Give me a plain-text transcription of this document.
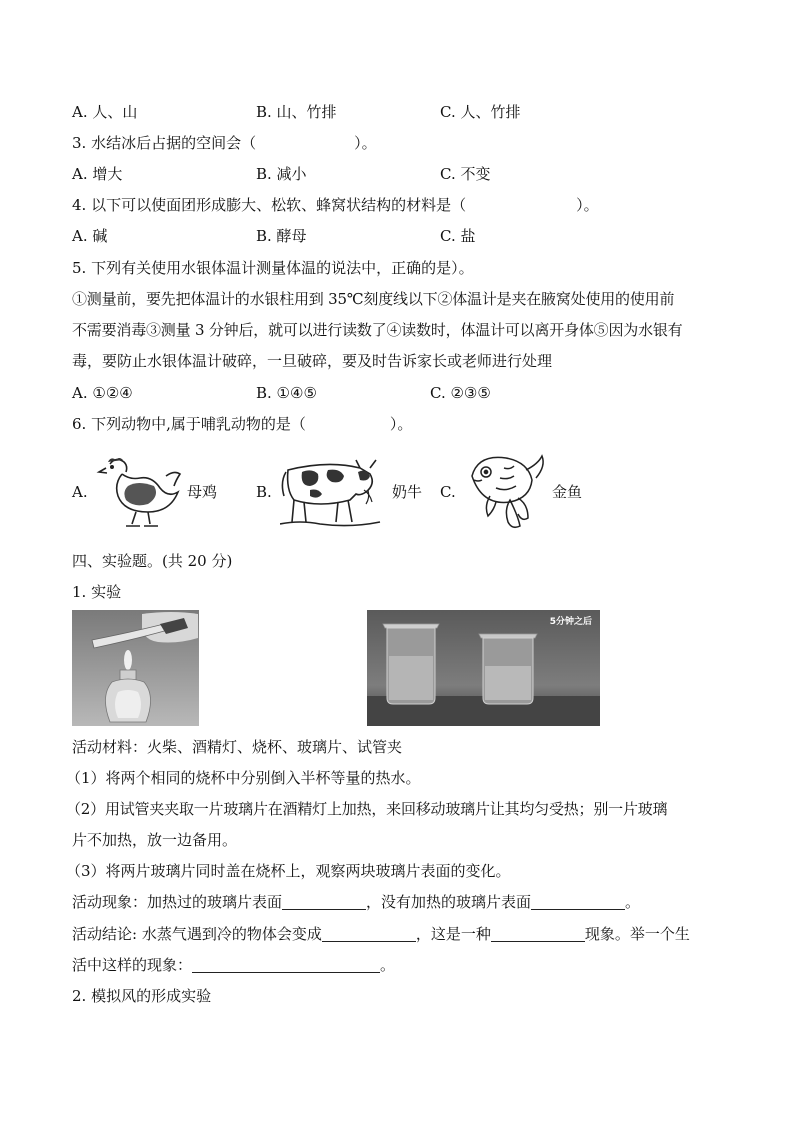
A. 人、山	B. 山、竹排	C. 人、竹排
3. 水结冰后占据的空间会（	）。
A. 增大	B. 减小	C. 不变
4. 以下可以使面团形成膨大、松软、蜂窝状结构的材料是（	）。
A. 碱	B. 酵母	C. 盐
5. 下列有关使用水银体温计测量体温的说法中，正确的是）。
①测量前，要先把体温计的水银柱用到 35℃刻度线以下②体温计是夹在腋窝处使用的使用前
不需要消毒③测量 3 分钟后，就可以进行读数了④读数时，体温计可以离开身体⑤因为水银有
毒，要防止水银体温计破碎，一旦破碎，要及时告诉家长或老师进行处理
A. ①②④	B. ①④⑤	C. ②③⑤
6. 下列动物中,属于哺乳动物的是（	）。
A.	母鸡	B.	奶牛 C.	金鱼
四、实验题。(共 20 分)
1. 实验
5分钟之后
活动材料：火柴、酒精灯、烧杯、玻璃片、试管夹
（1）将两个相同的烧杯中分别倒入半杯等量的热水。
（2）用试管夹夹取一片玻璃片在酒精灯上加热，来回移动玻璃片让其均匀受热；别一片玻璃
片不加热，放一边备用。
（3）将两片玻璃片同时盖在烧杯上，观察两块玻璃片表面的变化。
活动现象：加热过的玻璃片表面	，没有加热的玻璃片表面	。
活动结论: 水蒸气遇到冷的物体会变成	，这是一种	现象。举一个生
活中这样的现象：	。
2. 模拟风的形成实验
